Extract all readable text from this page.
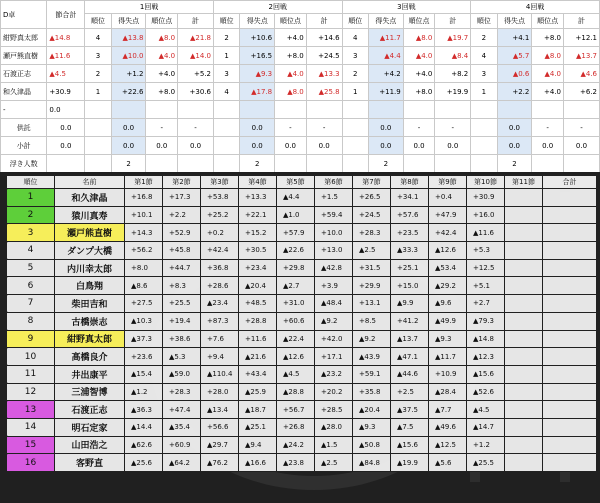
D卓	節合計	1回戦				2回戦				3回戦				4回戦			
		順位	得失点	順位点	計	順位	得失点	順位点	計	順位	得失点	順位点	計	順位	得失点	順位点	計
紺野真太郎	▲14.8	4	▲13.8	▲8.0	▲21.8	2	+10.6	+4.0	+14.6	4	▲11.7	▲8.0	▲19.7	2	+4.1	+8.0	+12.1
瀬戸熊直樹	▲11.6	3	▲10.0	▲4.0	▲14.0	1	+16.5	+8.0	+24.5	3	▲4.4	▲4.0	▲8.4	4	▲5.7	▲8.0	▲13.7
石渡正志	▲4.5	2	+1.2	+4.0	+5.2	3	▲9.3	▲4.0	▲13.3	2	+4.2	+4.0	+8.2	3	▲0.6	▲4.0	▲4.6
和久津晶	+30.9	1	+22.6	+8.0	+30.6	4	▲17.8	▲8.0	▲25.8	1	+11.9	+8.0	+19.9	1	+2.2	+4.0	+6.2
-	0.0																
供託	0.0		0.0	-	-		0.0	-	-		0.0	-	-		0.0	-	-
小計	0.0		0.0	0.0	0.0		0.0	0.0	0.0		0.0	0.0	0.0		0.0	0.0	0.0
浮き人数			2				2				2				2		
順位	名前	第1節	第2節	第3節	第4節	第5節	第6節	第7節	第8節	第9節	第10節	第11節	合計	
1	和久津晶	+16.8	+17.3	+53.8	+13.3	▲4.4	+1.5	+26.5	+34.1	+0.4	+30.9			
2	猿川真寿	+10.1	+2.2	+25.2	+22.1	▲1.0	+59.4	+24.5	+57.6	+47.9	+16.0			
3	瀬戸熊直樹	+14.3	+52.9	+0.2	+15.2	+57.9	+10.0	+28.3	+23.5	+42.4	▲11.6			
4	ダンプ大橋	+56.2	+45.8	+42.4	+30.5	▲22.6	+13.0	▲2.5	▲33.3	▲12.6	+5.3			
5	内川幸太郎	+8.0	+44.7	+36.8	+23.4	+29.8	▲42.8	+31.5	+25.1	▲53.4	+12.5			
6	白鳥翔	▲8.6	+8.3	+28.6	▲20.4	▲2.7	+3.9	+29.9	+15.0	▲29.2	+5.1			
7	柴田吉和	+27.5	+25.5	▲23.4	+48.5	+31.0	▲48.4	+13.1	▲9.9	▲9.6	+2.7			
8	古橋崇志	▲10.3	+19.4	+87.3	+28.8	+60.6	▲9.2	+8.5	+41.2	▲49.9	▲79.3			
9	紺野真太郎	▲37.3	+38.6	+7.6	+11.6	▲22.4	+42.0	▲9.2	▲13.7	▲9.3	▲14.8			
10	高橋良介	+23.6	▲5.3	+9.4	▲21.6	▲12.6	+17.1	▲43.9	▲47.1	▲11.7	▲12.3			
11	井出康平	▲15.4	▲59.0	▲110.4	+43.4	▲4.5	▲23.2	+59.1	▲44.6	+10.9	▲15.6			
12	三浦智博	▲1.2	+28.3	+28.0	▲25.9	▲28.8	+20.2	+35.8	+2.5	▲28.4	▲52.6			
13	石渡正志	▲36.3	+47.4	▲13.4	▲18.7	+56.7	+28.5	▲20.4	▲37.5	▲7.7	▲4.5			
14	明石定家	▲14.4	▲35.4	+56.6	▲25.1	+26.8	▲28.0	▲9.3	▲7.5	▲49.6	▲14.7			
15	山田浩之	▲62.6	+60.9	▲29.7	▲9.4	▲24.2	▲1.5	▲50.8	▲15.6	▲12.5	+1.2			
16	客野直	▲25.6	▲64.2	▲76.2	▲16.6	▲23.8	▲2.5	▲84.8	▲19.9	▲5.6	▲25.5			
